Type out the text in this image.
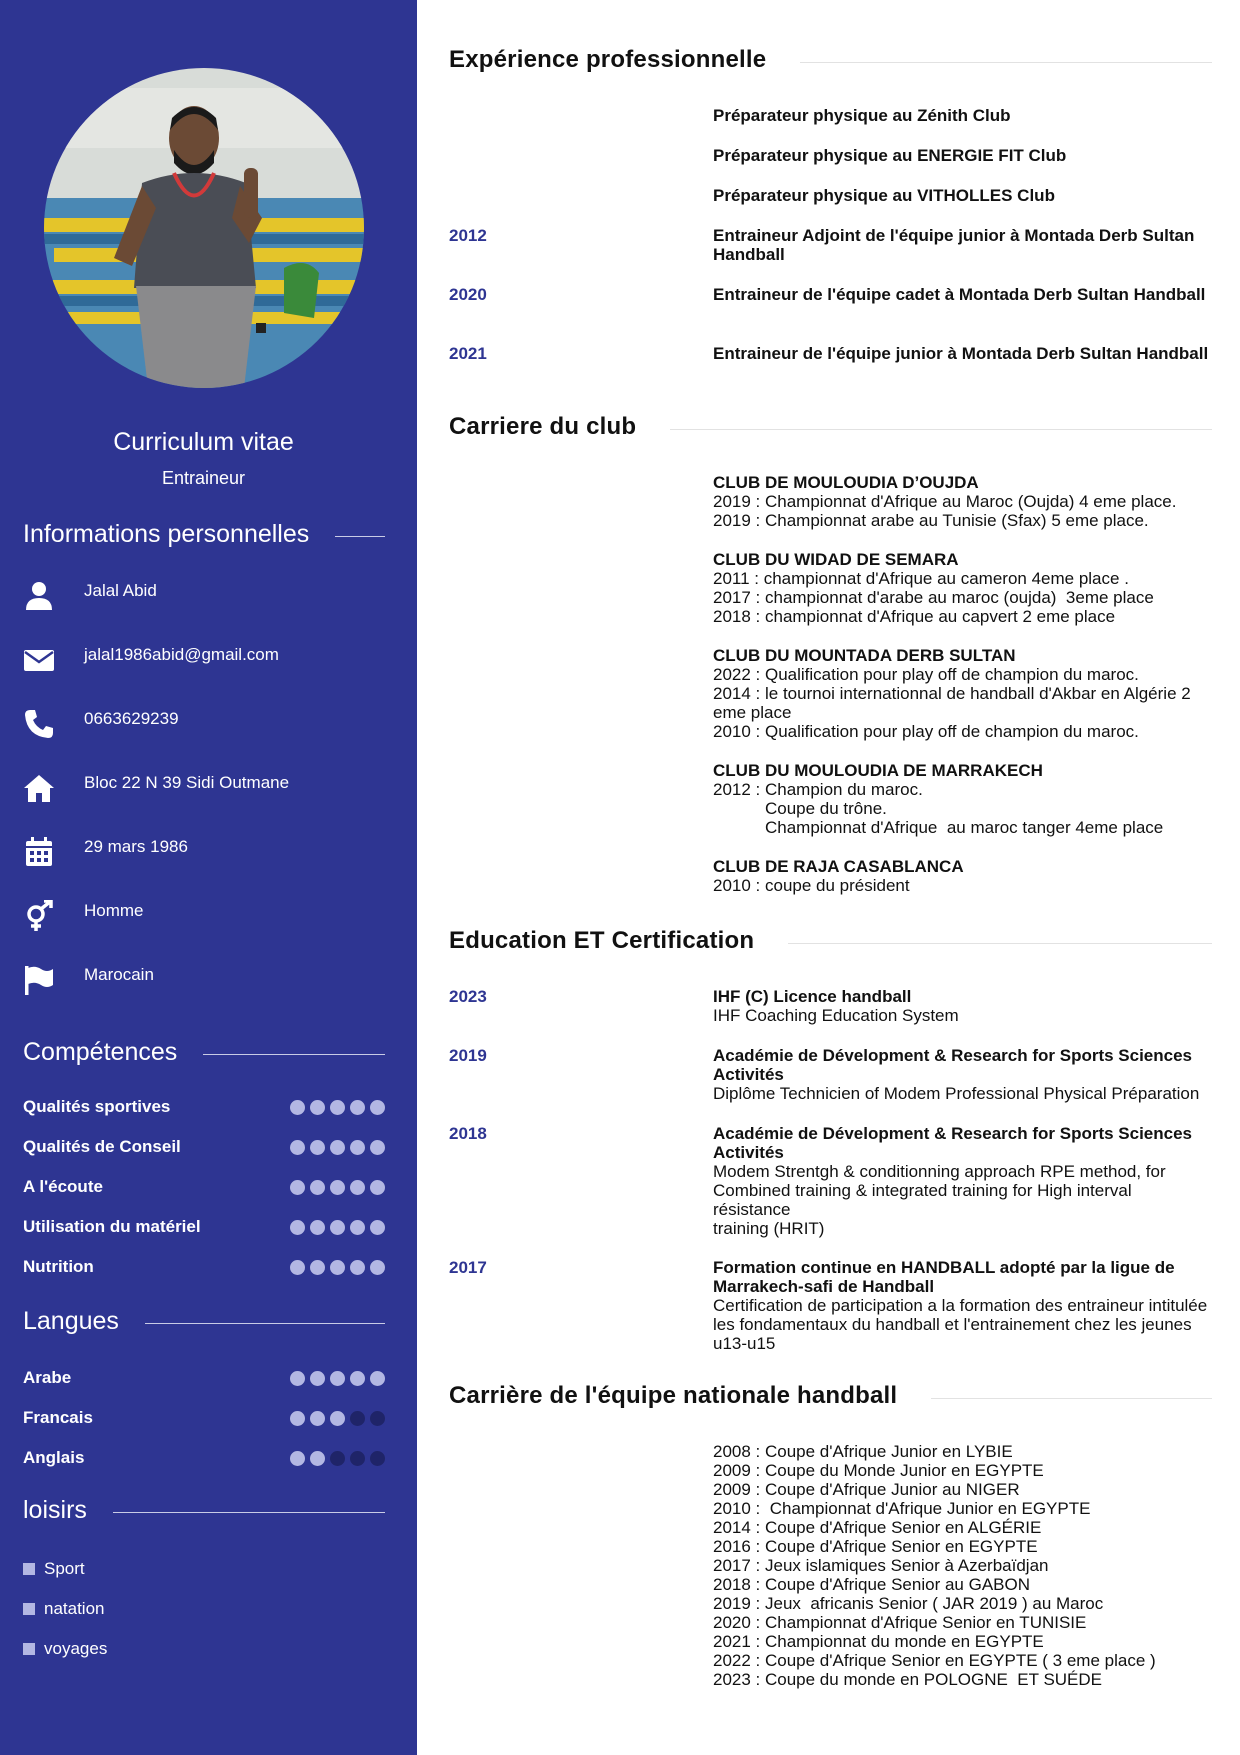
Curriculum vitae
Entraineur
Informations personnelles
Jalal Abid
jalal1986abid@gmail.com
0663629239
Bloc 22 N 39 Sidi Outmane
29 mars 1986
Homme
Marocain
Compétences
Qualités sportives
Qualités de Conseil
A l'écoute
Utilisation du matériel
Nutrition
Langues
Arabe
Francais
Anglais
loisirs
Sport
natation
voyages
Expérience professionnelle
Préparateur physique au Zénith Club
Préparateur physique au ENERGIE FIT Club
Préparateur physique au VITHOLLES Club
2012	Entraineur Adjoint de l'équipe junior à Montada Derb Sultan Handball
2020	Entraineur de l'équipe cadet à Montada Derb Sultan Handball
2021	Entraineur de l'équipe junior à Montada Derb Sultan Handball
Carriere du club
CLUB DE MOULOUDIA D’OUJDA
2019 : Championnat d'Afrique au Maroc (Oujda) 4 eme place.
2019 : Championnat arabe au Tunisie (Sfax) 5 eme place.
CLUB DU WIDAD DE SEMARA
2011 : championnat d'Afrique au cameron 4eme place .
2017 : championnat d'arabe au maroc (oujda)  3eme place
2018 : championnat d'Afrique au capvert 2 eme place
CLUB DU MOUNTADA DERB SULTAN
2022 : Qualification pour play off de champion du maroc.
2014 : le tournoi internationnal de handball d'Akbar en Algérie 2 eme place
2010 : Qualification pour play off de champion du maroc.
CLUB DU MOULOUDIA DE MARRAKECH
2012 : Champion du maroc.
Coupe du trône.
Championnat d'Afrique  au maroc tanger 4eme place
CLUB DE RAJA CASABLANCA
2010 : coupe du président
Education ET Certification
2023	IHF (C) Licence handball
IHF Coaching Education System
2019	Académie de Dévelopment & Research for Sports Sciences Activités
Diplôme Technicien of Modem Professional Physical Préparation
2018	Académie de Dévelopment & Research for Sports Sciences Activités
Modem Strentgh & conditionning approach RPE method, for Combined training & integrated training for High interval résistance
training (HRIT)
2017	Formation continue en HANDBALL adopté par la ligue de Marrakech-safi de Handball
Certification de participation a la formation des entraineur intitulée les fondamentaux du handball et l'entrainement chez les jeunes u13-u15
Carrière de l'équipe nationale handball
2008 : Coupe d'Afrique Junior en LYBIE
2009 : Coupe du Monde Junior en EGYPTE
2009 : Coupe d'Afrique Junior au NIGER
2010 :  Championnat d'Afrique Junior en EGYPTE
2014 : Coupe d'Afrique Senior en ALGÉRIE
2016 : Coupe d'Afrique Senior en EGYPTE
2017 : Jeux islamiques Senior à Azerbaïdjan
2018 : Coupe d'Afrique Senior au GABON
2019 : Jeux  africanis Senior ( JAR 2019 ) au Maroc
2020 : Championnat d'Afrique Senior en TUNISIE
2021 : Championnat du monde en EGYPTE
2022 : Coupe d'Afrique Senior en EGYPTE ( 3 eme place )
2023 : Coupe du monde en POLOGNE  ET SUÉDE
